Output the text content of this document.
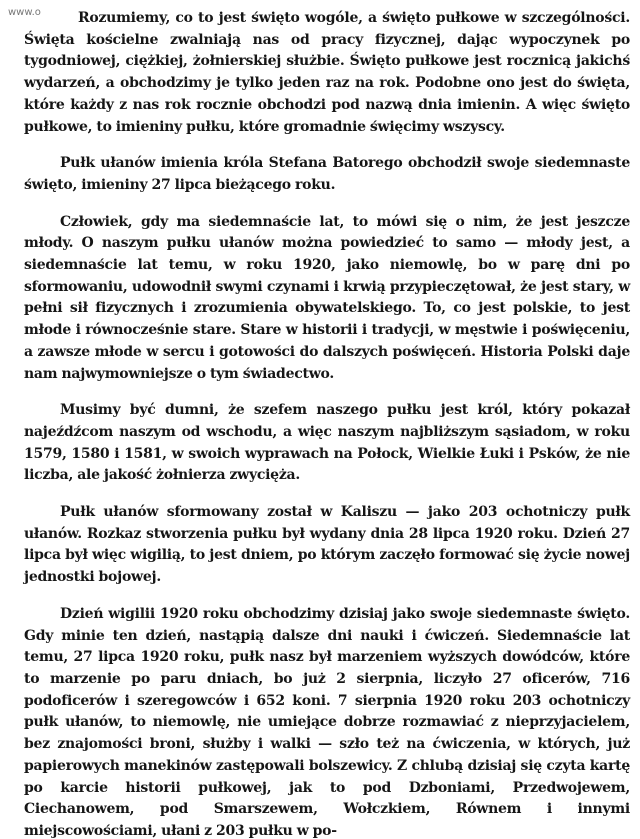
www.o	Rozumiemy, co to jest święto wogóle, a święto pułkowe w szczególności. Święta kościelne zwalniają nas od pracy fizycznej, dając wypoczynek po tygodniowej, ciężkiej, żołnierskiej służbie. Święto pułkowe jest rocznicą jakichś wydarzeń, a obchodzimy je tylko jeden raz na rok. Podobne ono jest do święta, które każdy z nas rok rocznie obchodzi pod nazwą dnia imienin. A więc święto pułkowe, to imieniny pułku, które gromadnie święcimy wszyscy.

Pułk ułanów imienia króla Stefana Batorego obchodził swoje siedemnaste święto, imieniny 27 lipca bieżącego roku.

Człowiek, gdy ma siedemnaście lat, to mówi się o nim, że jest jeszcze młody. O naszym pułku ułanów można powiedzieć to samo — młody jest, a siedemnaście lat temu, w roku 1920, jako niemowlę, bo w parę dni po sformowaniu, udowodnił swymi czynami i krwią przypieczętował, że jest stary, w pełni sił fizycznych i zrozumienia obywatelskiego. To, co jest polskie, to jest młode i równocześnie stare. Stare w historii i tradycji, w męstwie i poświęceniu, a zawsze młode w sercu i gotowości do dalszych poświęceń. Historia Polski daje nam najwymowniejsze o tym świadectwo.

Musimy być dumni, że szefem naszego pułku jest król, który pokazał najeźdźcom naszym od wschodu, a więc naszym najbliższym sąsiadom, w roku 1579, 1580 i 1581, w swoich wyprawach na Połock, Wielkie Łuki i Psków, że nie liczba, ale jakość żołnierza zwycięża.

Pułk ułanów sformowany został w Kaliszu — jako 203 ochotniczy pułk ułanów. Rozkaz stworzenia pułku był wydany dnia 28 lipca 1920 roku. Dzień 27 lipca był więc wigilią, to jest dniem, po którym zaczęło formować się życie nowej jednostki bojowej.

Dzień wigilii 1920 roku obchodzimy dzisiaj jako swoje siedemnaste święto. Gdy minie ten dzień, nastąpią dalsze dni nauki i ćwiczeń. Siedemnaście lat temu, 27 lipca 1920 roku, pułk nasz był marzeniem wyższych dowódców, które to marzenie po paru dniach, bo już 2 sierpnia, liczyło 27 oficerów, 716 podoficerów i szeregowców i 652 koni. 7 sierpnia 1920 roku 203 ochotniczy pułk ułanów, to niemowlę, nie umiejące dobrze rozmawiać z nieprzyjacielem, bez znajomości broni, służby i walki — szło też na ćwiczenia, w których, już papierowych manekinów zastępowali bolszewicy. Z chlubą dzisiaj się czyta kartę po karcie historii pułkowej, jak to pod Dzboniami, Przedwojewem, Ciechanowem, pod Smarszewem, Wołczkiem, Równem i innymi miejscowościami, ułani z 203 pułku w po-
